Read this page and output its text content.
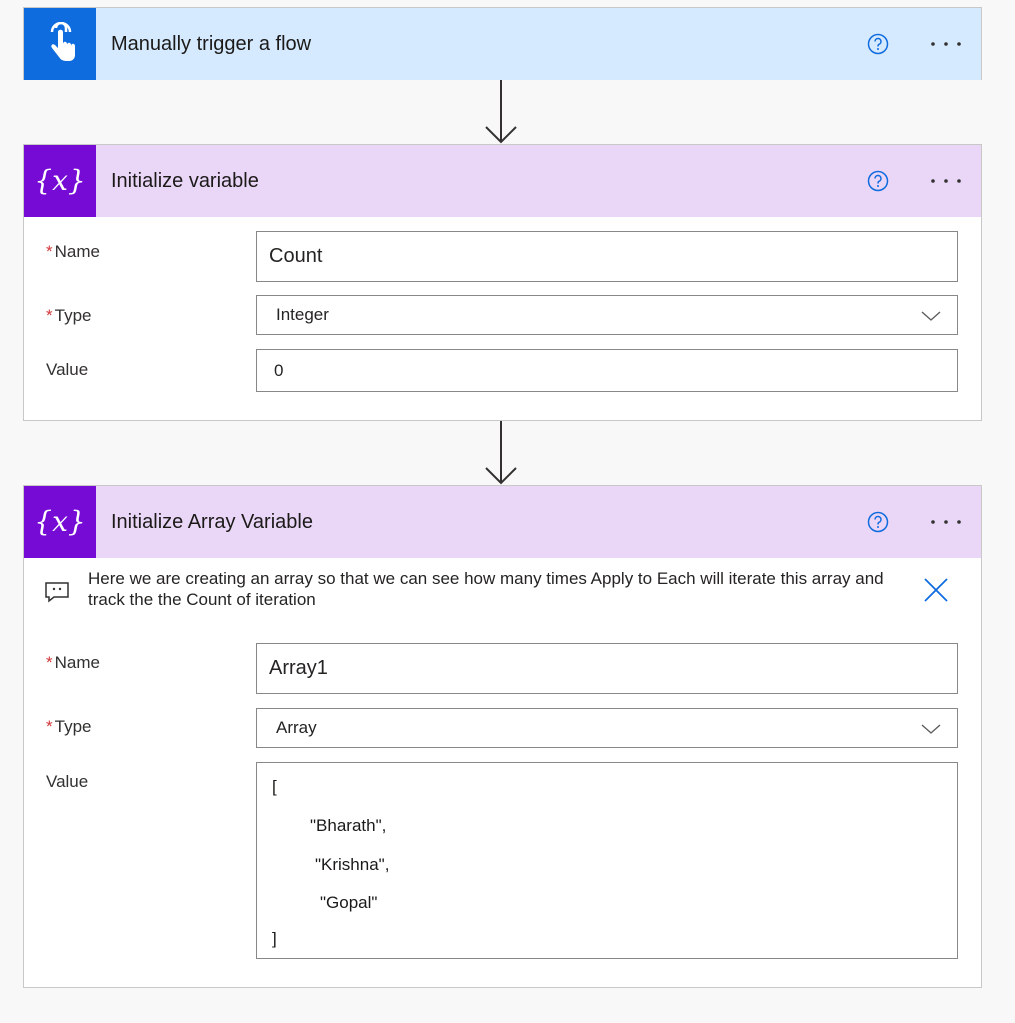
Manually trigger a flow
{x} Initialize variable
* Name	Count
* Type	Integer
Value	0
{x} Initialize Array Variable
Here we are creating an array so that we can see how many times Apply to Each will iterate this array and track the the Count of iteration
* Name	Array1
* Type	Array
Value	[
"Bharath",
"Krishna",
"Gopal"
]
